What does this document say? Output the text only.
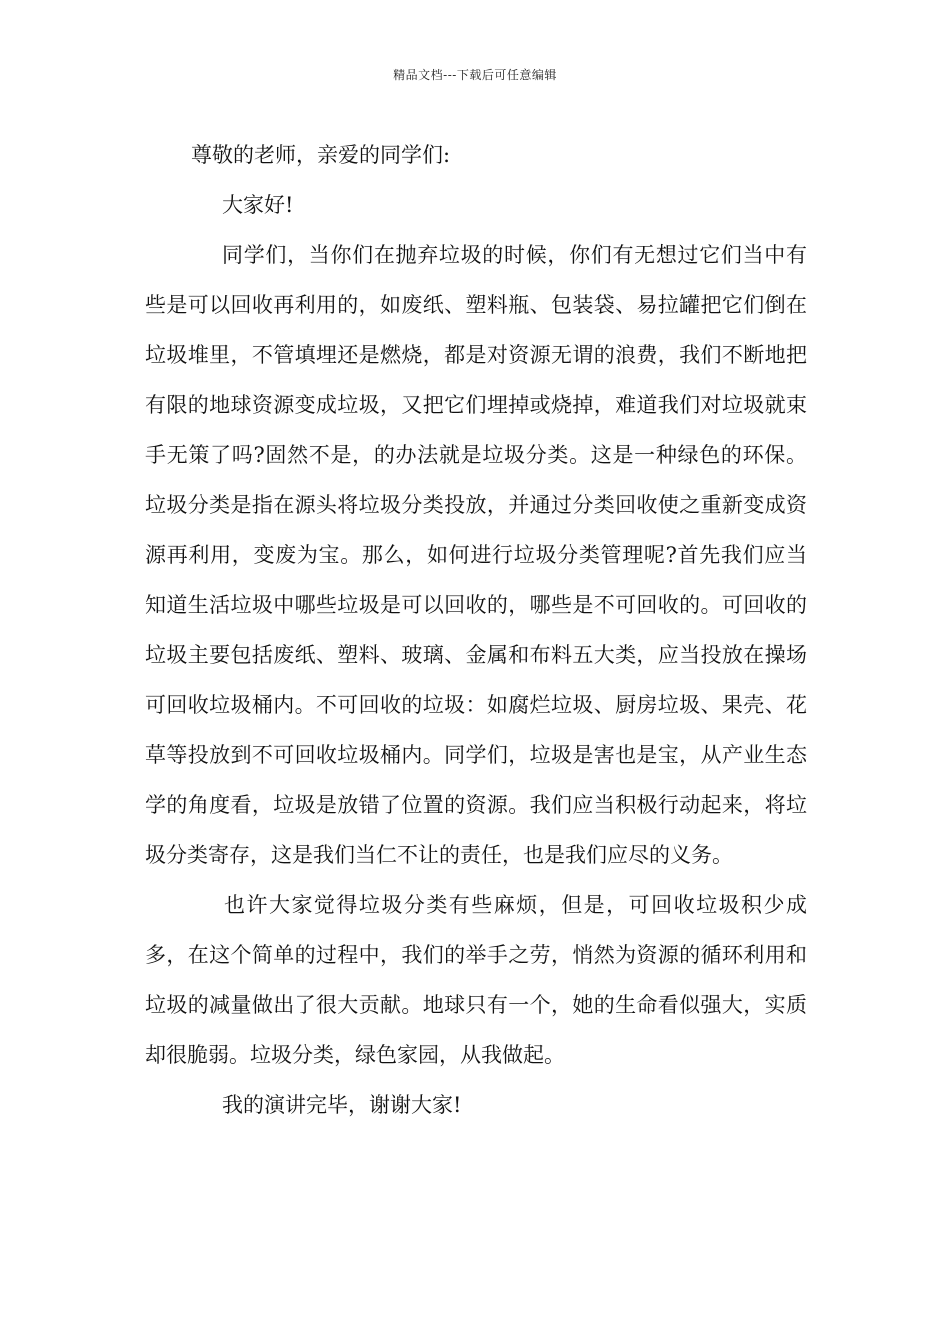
精品文档---下载后可任意编辑

尊敬的老师，亲爱的同学们:

大家好!

同学们，当你们在抛弃垃圾的时候，你们有无想过它们当中有些是可以回收再利用的，如废纸、塑料瓶、包装袋、易拉罐把它们倒在垃圾堆里，不管填埋还是燃烧，都是对资源无谓的浪费，我们不断地把有限的地球资源变成垃圾，又把它们埋掉或烧掉，难道我们对垃圾就束手无策了吗?固然不是，的办法就是垃圾分类。这是一种绿色的环保。垃圾分类是指在源头将垃圾分类投放，并通过分类回收使之重新变成资源再利用，变废为宝。那么，如何进行垃圾分类管理呢?首先我们应当知道生活垃圾中哪些垃圾是可以回收的，哪些是不可回收的。可回收的垃圾主要包括废纸、塑料、玻璃、金属和布料五大类，应当投放在操场可回收垃圾桶内。不可回收的垃圾：如腐烂垃圾、厨房垃圾、果壳、花草等投放到不可回收垃圾桶内。同学们，垃圾是害也是宝，从产业生态学的角度看，垃圾是放错了位置的资源。我们应当积极行动起来，将垃圾分类寄存，这是我们当仁不让的责任，也是我们应尽的义务。

也许大家觉得垃圾分类有些麻烦，但是，可回收垃圾积少成多，在这个简单的过程中，我们的举手之劳，悄然为资源的循环利用和垃圾的减量做出了很大贡献。地球只有一个，她的生命看似强大，实质却很脆弱。垃圾分类，绿色家园，从我做起。

我的演讲完毕，谢谢大家!
